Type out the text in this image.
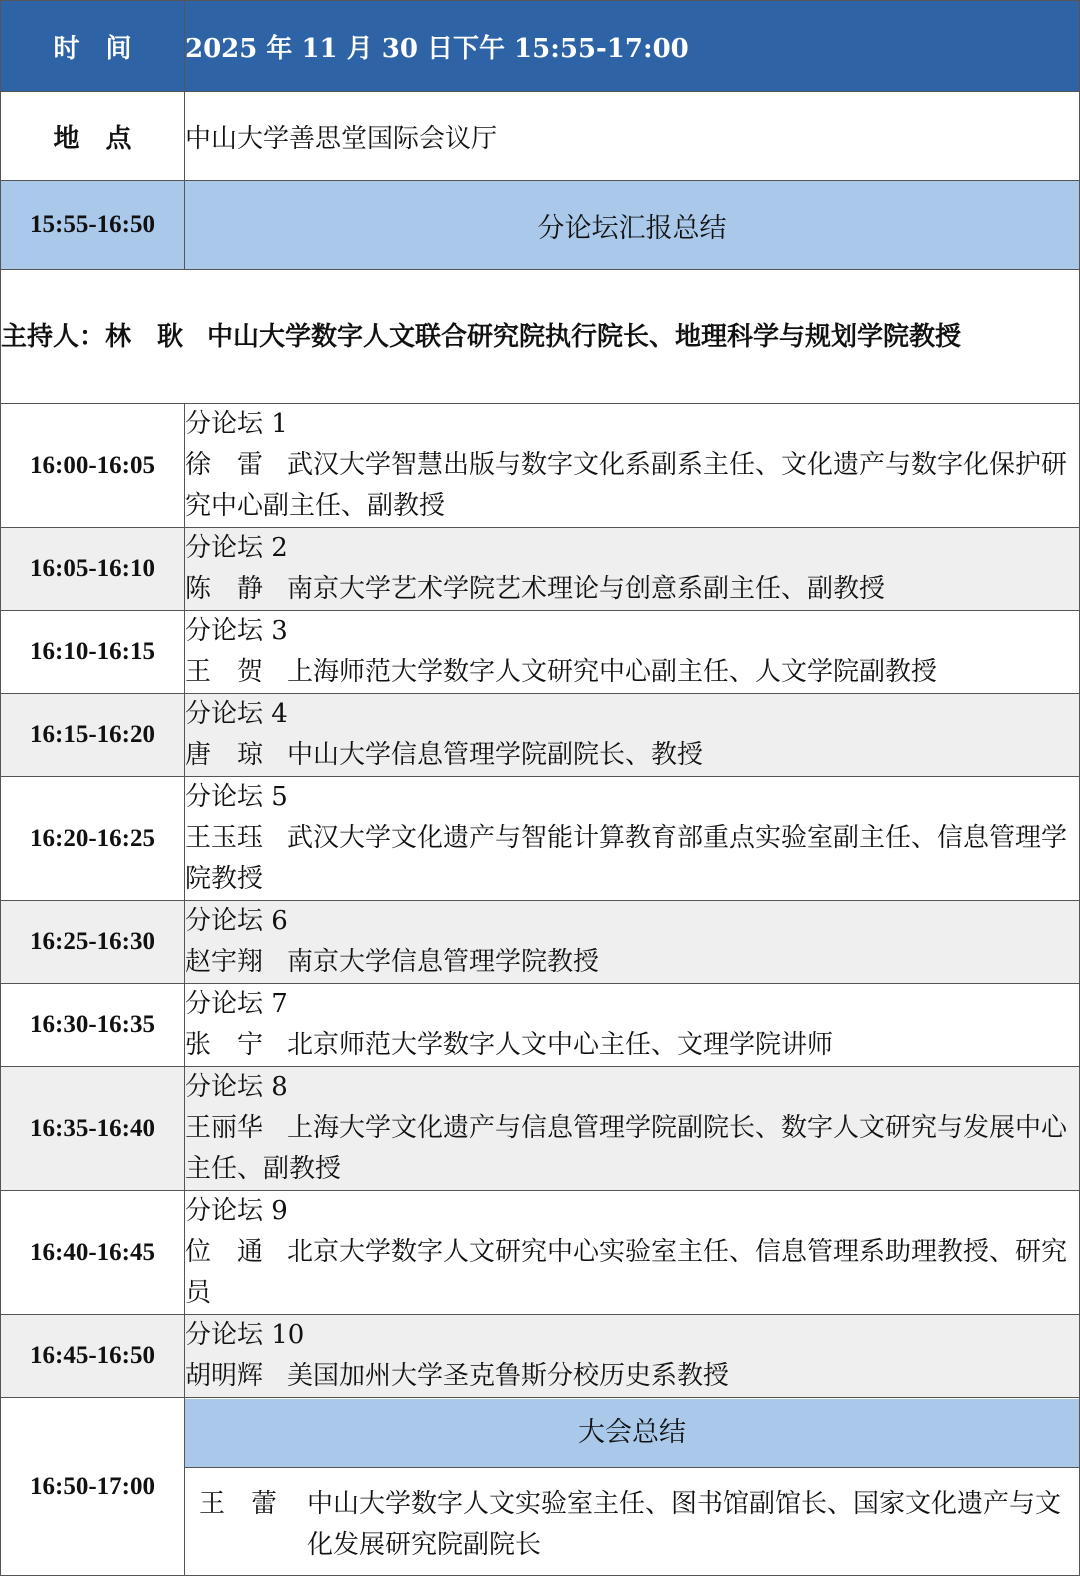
时　间	2025 年 11 月 30 日下午 15:55-17:00
地　点	中山大学善思堂国际会议厅
15:55-16:50	分论坛汇报总结

主持人： 林　耿 中山大学数字人文联合研究院执行院长、地理科学与规划学院教授	

16:00-16:05	分论坛 1
徐　雷 武汉大学智慧出版与数字文化系副系主任、文化遗产与数字化保护研究中心副主任、副教授

16:05-16:10	分论坛 2
陈　静 南京大学艺术学院艺术理论与创意系副主任、副教授

16:10-16:15	分论坛 3
王　贺 上海师范大学数字人文研究中心副主任、人文学院副教授

16:15-16:20	分论坛 4
唐　琼 中山大学信息管理学院副院长、教授

16:20-16:25	分论坛 5
王玉珏 武汉大学文化遗产与智能计算教育部重点实验室副主任、信息管理学院教授

16:25-16:30	分论坛 6
赵宇翔 南京大学信息管理学院教授

16:30-16:35	分论坛 7
张　宁 北京师范大学数字人文中心主任、文理学院讲师

16:35-16:40	分论坛 8
王丽华 上海大学文化遗产与信息管理学院副院长、数字人文研究与发展中心主任、副教授

16:40-16:45	分论坛 9
位　通 北京大学数字人文研究中心实验室主任、信息管理系助理教授、研究员

16:45-16:50	分论坛 10
胡明辉 美国加州大学圣克鲁斯分校历史系教授

16:50-17:00	大会总结
王　蕾 中山大学数字人文实验室主任、图书馆副馆长、国家文化遗产与文化发展研究院副院长
